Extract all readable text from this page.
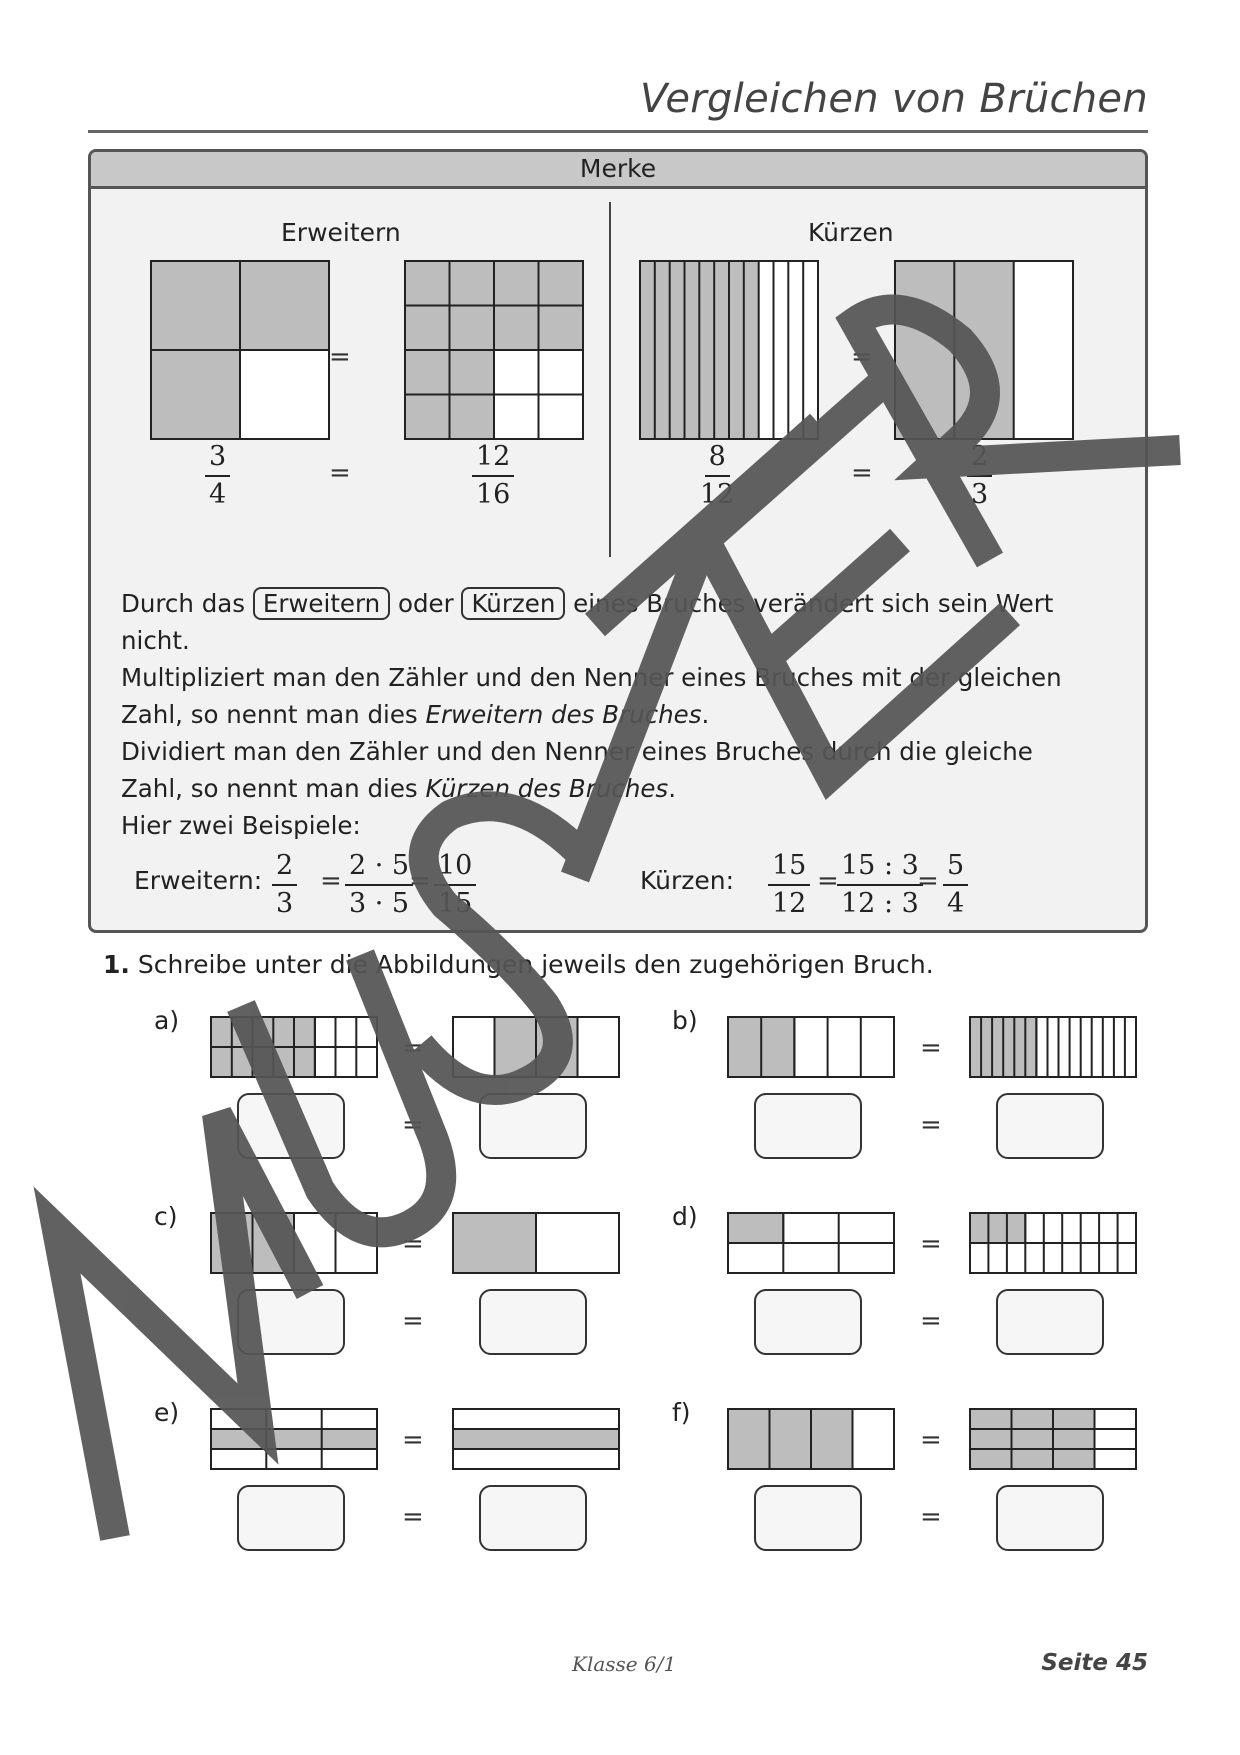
Vergleichen von Brüchen
Merke
Erweitern	Kürzen
=	=
$\frac{3}{4}$	=	$\frac{12}{16}$	$\frac{8}{12}$	=	$\frac{2}{3}$
Durch das Erweitern oder Kürzen eines Bruches verändert sich sein Wert
nicht.
Multipliziert man den Zähler und den Nenner eines Bruches mit der gleichen
Zahl, so nennt man dies Erweitern des Bruches.
Dividiert man den Zähler und den Nenner eines Bruches durch die gleiche
Zahl, so nennt man dies Kürzen des Bruches.
Hier zwei Beispiele:
Erweitern: $\frac{2}{3} = \frac{2 \cdot 5}{3 \cdot 5}$
= $\frac{10}{15}$	Kürzen: $\frac{15}{12}$ =
$\frac{15 : 3}{12 : 3}$
= $\frac{5}{4}$
1. Schreibe unter die Abbildungen jeweils den zugehörigen Bruch.
a)	b)
c)	d)
e)	f)
=
=
=
=
=
=
=
=
=
=
=
=
Klasse 6/1	Seite 45
